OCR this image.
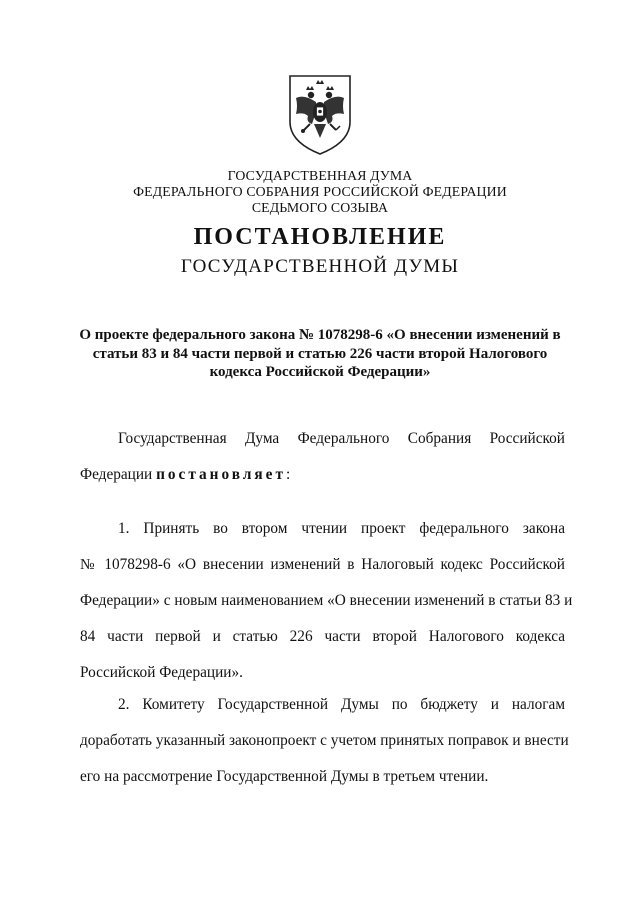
ГОСУДАРСТВЕННАЯ ДУМА
ФЕДЕРАЛЬНОГО СОБРАНИЯ РОССИЙСКОЙ ФЕДЕРАЦИИ
СЕДЬМОГО СОЗЫВА
ПОСТАНОВЛЕНИЕ
ГОСУДАРСТВЕННОЙ ДУМЫ
О проекте федерального закона № 1078298-6 «О внесении изменений в
статьи 83 и 84 части первой и статью 226 части второй Налогового
кодекса Российской Федерации»
Государственная Дума Федерального Собрания Российской
Федерации постановляет:
1. Принять во втором чтении проект федерального закона
№ 1078298-6 «О внесении изменений в Налоговый кодекс Российской
Федерации» с новым наименованием «О внесении изменений в статьи 83 и
84 части первой и статью 226 части второй Налогового кодекса
Российской Федерации».
2. Комитету Государственной Думы по бюджету и налогам
доработать указанный законопроект с учетом принятых поправок и внести
его на рассмотрение Государственной Думы в третьем чтении.
